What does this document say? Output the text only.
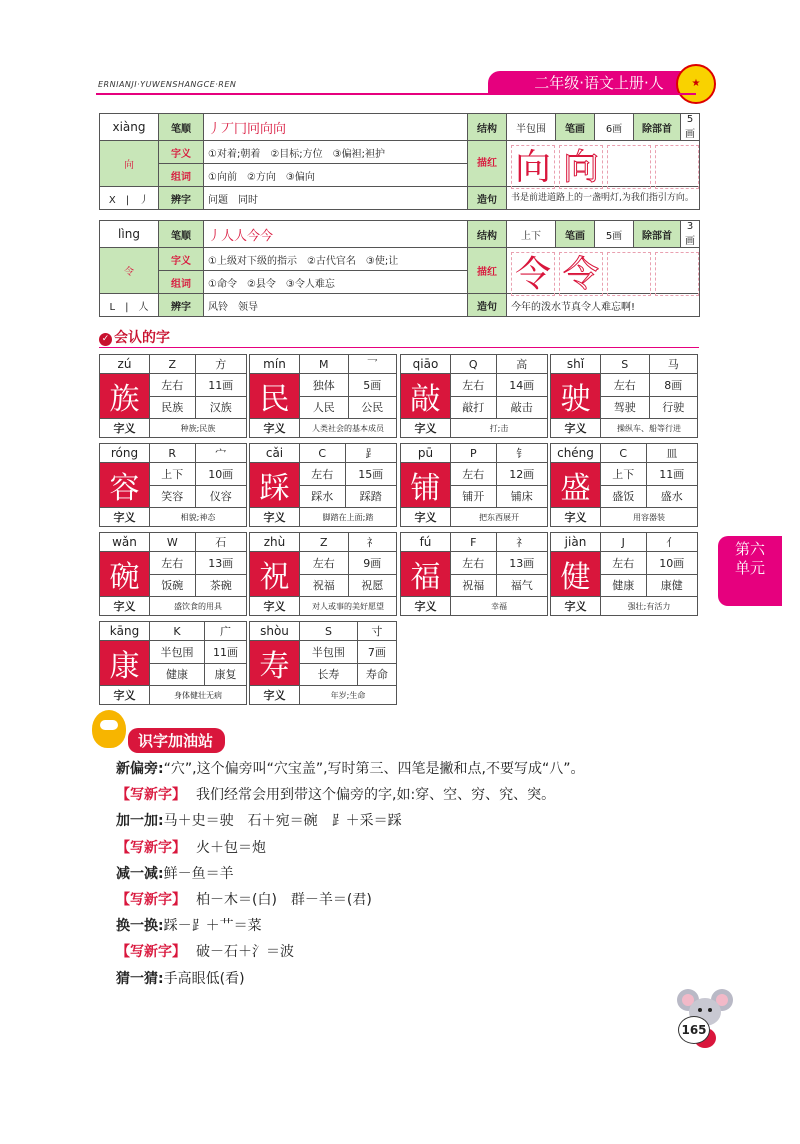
ERNIANJI·YUWENSHANGCE·REN	二年级·语文上册·人	★
xiàng	笔顺	丿丆冂冋向向	结构	半包围	笔画	6画	除部首	5画
向	字义	①对着;朝着　②目标;方位　③偏袒;袒护	描红	向 向				

	组词	①向前　②方向　③偏向						
X　|　丿	辨字	问题　同时	造句	书是前进道路上的一盏明灯,为我们指引方向。				
lìng	笔顺	丿人人今今	结构	上下	笔画	5画	除部首	3画
令	字义	①上级对下级的指示　②古代官名　③使;让	描红	令 令				

	组词	①命令　②县令　③令人难忘						
L　|　人	辨字	风铃　领导	造句	今年的泼水节真令人难忘啊!				
✓ 会认的字
zú	Z	方
族	左右	11画
	民族	汉族
字义	种族;民族	
mín	M	乛
民	独体	5画
	人民	公民
字义	人类社会的基本成员	
qiāo	Q	高
敲	左右	14画
	敲打	敲击
字义	打;击	
shǐ	S	马
驶	左右	8画
	驾驶	行驶
字义	操纵车、船等行进	
róng	R	宀
容	上下	10画
	笑容	仪容
字义	相貌;神态	
cǎi	C	⻊
踩	左右	15画
	踩水	踩踏
字义	脚踏在上面;踏	
pū	P	钅
铺	左右	12画
	铺开	铺床
字义	把东西展开	
chéng	C	皿
盛	上下	11画
	盛饭	盛水
字义	用容器装	
wǎn	W	石
碗	左右	13画
	饭碗	茶碗
字义	盛饮食的用具	
zhù	Z	礻
祝	左右	9画
	祝福	祝愿
字义	对人或事的美好愿望	
fú	F	礻
福	左右	13画
	祝福	福气
字义	幸福	
jiàn	J	亻
健	左右	10画
	健康	康健
字义	强壮;有活力	
kāng	K	广
康	半包围	11画
	健康	康复
字义	身体健壮无病	
shòu	S	寸
寿	半包围	7画
	长寿	寿命
字义	年岁;生命	
第六
单元
识字加油站
新偏旁:“穴”,这个偏旁叫“穴宝盖”,写时第三、四笔是撇和点,不要写成“八”。
【写新字】 我们经常会用到带这个偏旁的字,如:穿、空、穷、究、突。
加一加:马＋史＝驶　石＋宛＝碗　⻊＋采＝踩
【写新字】 火＋包＝炮
减一减:鲜－鱼＝羊
【写新字】 柏－木＝(白)　群－羊＝(君)
换一换:踩－⻊＋艹＝菜
【写新字】 破－石＋氵＝波
猜一猜:手高眼低(看)
165
